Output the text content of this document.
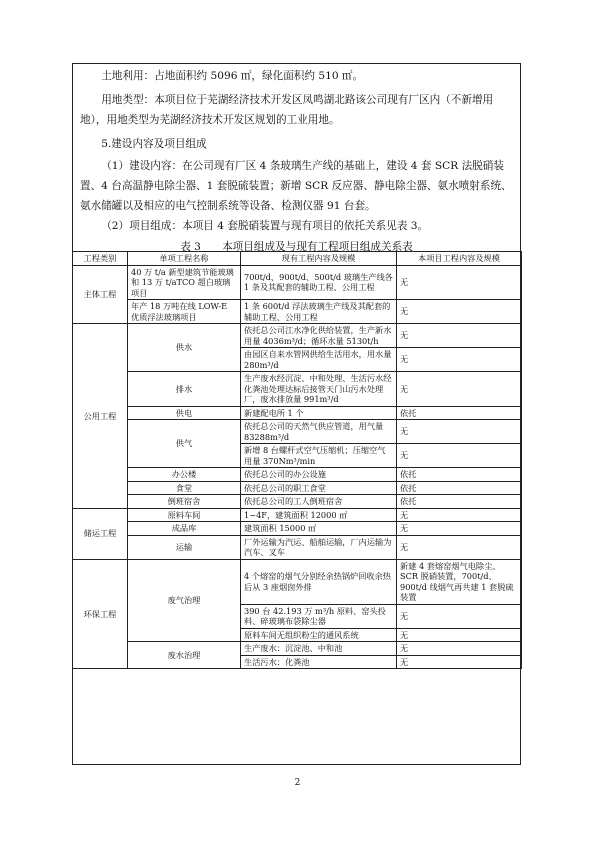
土地利用：占地面积约 5096 ㎡，绿化面积约 510 ㎡。

用地类型：本项目位于芜湖经济技术开发区凤鸣湖北路该公司现有厂区内（不新增用地），用地类型为芜湖经济技术开发区规划的工业用地。

5.建设内容及项目组成

（1）建设内容：在公司现有厂区 4 条玻璃生产线的基础上，建设 4 套 SCR 法脱硝装置、4 台高温静电除尘器、1 套脱硫装置；新增 SCR 反应器、静电除尘器、氨水喷射系统、氨水储罐以及相应的电气控制系统等设备、检测仪器 91 台套。

（2）项目组成：本项目 4 套脱硝装置与现有项目的依托关系见表 3。

表 3　　本项目组成及与现有工程项目组成关系表
工程类别	单项工程名称	现有工程内容及规模	本项目工程内容及规模
主体工程	40 万 t/a 新型建筑节能玻璃和 13 万 t/aTCO 超白玻璃项目	700t/d、900t/d、500t/d 玻璃生产线各 1 条及其配套的辅助工程、公用工程	无
	年产 18 万吨在线 LOW-E 优质浮法玻璃项目	1 条 600t/d 浮法玻璃生产线及其配套的辅助工程、公用工程	无
公用工程	供水	依托总公司江水净化供给装置，生产新水用量 4036m³/d；循环水量 5130t/h	无
		由园区自来水管网供给生活用水，用水量 280m³/d	无
	排水	生产废水经沉淀、中和处理、生活污水经化粪池处理达标后接管天门山污水处理厂，废水排放量 991m³/d	无
	供电	新建配电所 1 个	依托
	供气	依托总公司的天然气供应管道，用气量 83288m³/d	无
		新增 8 台螺杆式空气压缩机；压缩空气用量 370Nm³/min	无
	办公楼	依托总公司的办公设施	依托
	食堂	依托总公司的职工食堂	依托
	倒班宿舍	依托总公司的工人倒班宿舍	依托
储运工程	原料车间	1~4F，建筑面积 12000 ㎡	无
	成品库	建筑面积 15000 ㎡	无
	运输	厂外运输为汽运、船舶运输，厂内运输为汽车、叉车	无
环保工程	废气治理	4 个熔窑的烟气分别经余热锅炉回收余热后从 3 座烟囱外排	新建 4 套熔窑烟气电除尘、SCR 脱硝装置，700t/d、900t/d 线烟气再共建 1 套脱硫装置
		390 台 42.193 万 m³/h 原料、窑头投料、碎玻璃布袋除尘器	无
		原料车间无组织粉尘的通风系统	无
	废水治理	生产废水：沉淀池、中和池	无
		生活污水：化粪池	无
2
